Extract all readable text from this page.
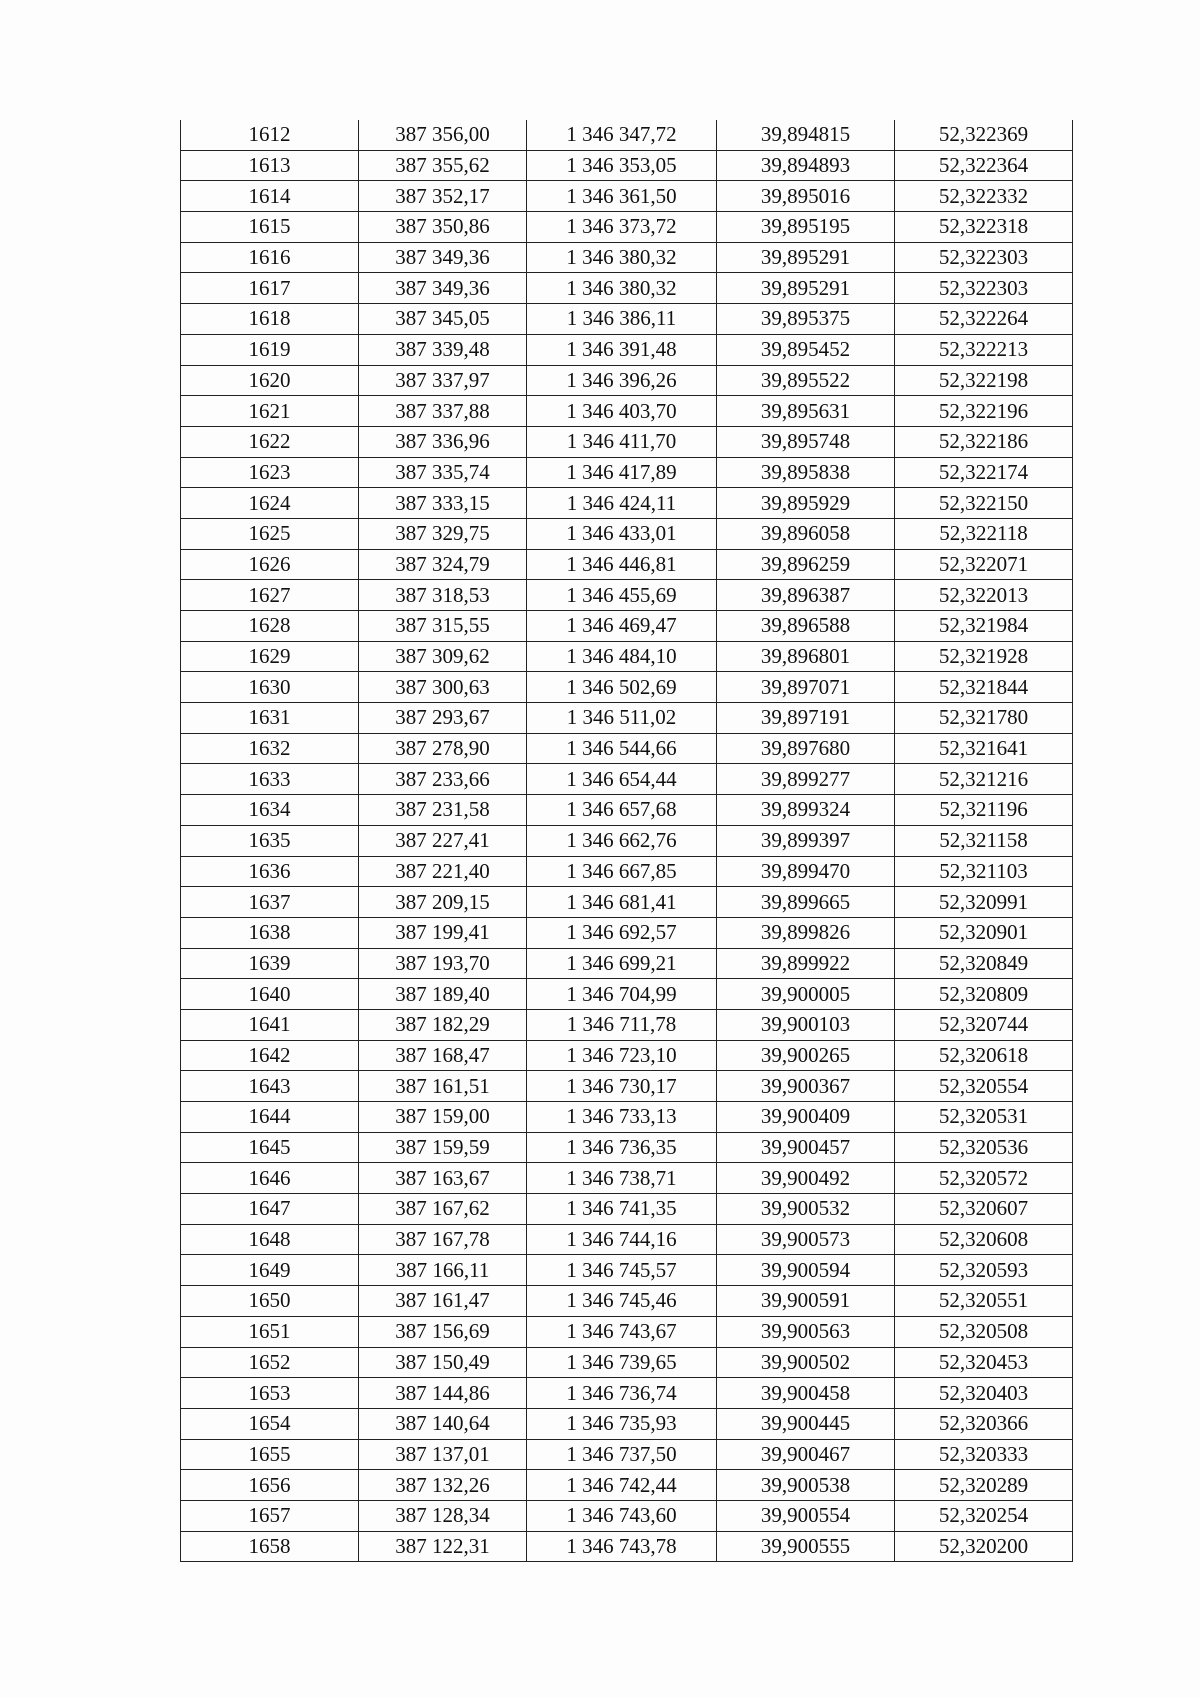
1612	387 356,00	1 346 347,72	39,894815	52,322369
1613	387 355,62	1 346 353,05	39,894893	52,322364
1614	387 352,17	1 346 361,50	39,895016	52,322332
1615	387 350,86	1 346 373,72	39,895195	52,322318
1616	387 349,36	1 346 380,32	39,895291	52,322303
1617	387 349,36	1 346 380,32	39,895291	52,322303
1618	387 345,05	1 346 386,11	39,895375	52,322264
1619	387 339,48	1 346 391,48	39,895452	52,322213
1620	387 337,97	1 346 396,26	39,895522	52,322198
1621	387 337,88	1 346 403,70	39,895631	52,322196
1622	387 336,96	1 346 411,70	39,895748	52,322186
1623	387 335,74	1 346 417,89	39,895838	52,322174
1624	387 333,15	1 346 424,11	39,895929	52,322150
1625	387 329,75	1 346 433,01	39,896058	52,322118
1626	387 324,79	1 346 446,81	39,896259	52,322071
1627	387 318,53	1 346 455,69	39,896387	52,322013
1628	387 315,55	1 346 469,47	39,896588	52,321984
1629	387 309,62	1 346 484,10	39,896801	52,321928
1630	387 300,63	1 346 502,69	39,897071	52,321844
1631	387 293,67	1 346 511,02	39,897191	52,321780
1632	387 278,90	1 346 544,66	39,897680	52,321641
1633	387 233,66	1 346 654,44	39,899277	52,321216
1634	387 231,58	1 346 657,68	39,899324	52,321196
1635	387 227,41	1 346 662,76	39,899397	52,321158
1636	387 221,40	1 346 667,85	39,899470	52,321103
1637	387 209,15	1 346 681,41	39,899665	52,320991
1638	387 199,41	1 346 692,57	39,899826	52,320901
1639	387 193,70	1 346 699,21	39,899922	52,320849
1640	387 189,40	1 346 704,99	39,900005	52,320809
1641	387 182,29	1 346 711,78	39,900103	52,320744
1642	387 168,47	1 346 723,10	39,900265	52,320618
1643	387 161,51	1 346 730,17	39,900367	52,320554
1644	387 159,00	1 346 733,13	39,900409	52,320531
1645	387 159,59	1 346 736,35	39,900457	52,320536
1646	387 163,67	1 346 738,71	39,900492	52,320572
1647	387 167,62	1 346 741,35	39,900532	52,320607
1648	387 167,78	1 346 744,16	39,900573	52,320608
1649	387 166,11	1 346 745,57	39,900594	52,320593
1650	387 161,47	1 346 745,46	39,900591	52,320551
1651	387 156,69	1 346 743,67	39,900563	52,320508
1652	387 150,49	1 346 739,65	39,900502	52,320453
1653	387 144,86	1 346 736,74	39,900458	52,320403
1654	387 140,64	1 346 735,93	39,900445	52,320366
1655	387 137,01	1 346 737,50	39,900467	52,320333
1656	387 132,26	1 346 742,44	39,900538	52,320289
1657	387 128,34	1 346 743,60	39,900554	52,320254
1658	387 122,31	1 346 743,78	39,900555	52,320200
